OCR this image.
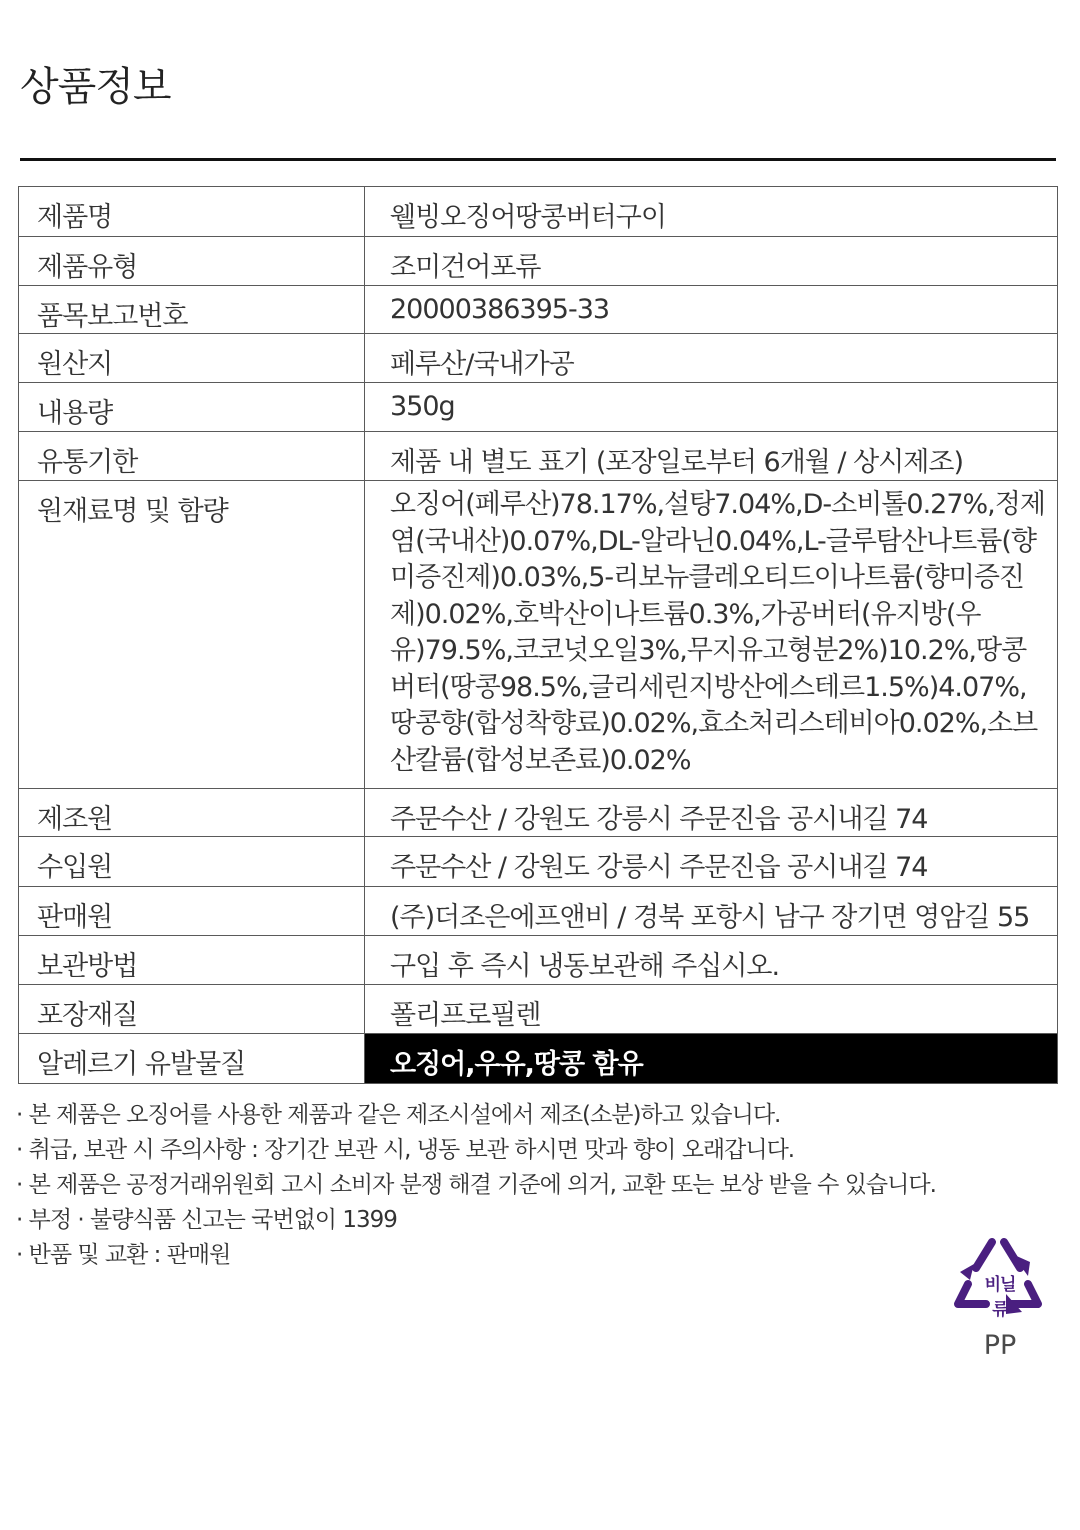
상품정보
제품명	웰빙오징어땅콩버터구이
제품유형	조미건어포류
품목보고번호	20000386395-33
원산지	페루산/국내가공
내용량	350g
유통기한	제품 내 별도 표기 (포장일로부터 6개월 / 상시제조)
원재료명 및 함량	오징어(페루산)78.17%,설탕7.04%,D-소비톨0.27%,정제염(국내산)0.07%,DL-알라닌0.04%,L-글루탐산나트륨(향미증진제)0.03%,5-리보뉴클레오티드이나트륨(향미증진제)0.02%,호박산이나트륨0.3%,가공버터(유지방(우유)79.5%,코코넛오일3%,무지유고형분2%)10.2%,땅콩버터(땅콩98.5%,글리세린지방산에스테르1.5%)4.07%,땅콩향(합성착향료)0.02%,효소처리스테비아0.02%,소브산칼륨(합성보존료)0.02%
제조원	주문수산 / 강원도 강릉시 주문진읍 공시내길 74
수입원	주문수산 / 강원도 강릉시 주문진읍 공시내길 74
판매원	(주)더조은에프앤비 / 경북 포항시 남구 장기면 영암길 55
보관방법	구입 후 즉시 냉동보관해 주십시오.
포장재질	폴리프로필렌
알레르기 유발물질	오징어,우유,땅콩 함유
· 본 제품은 오징어를 사용한 제품과 같은 제조시설에서 제조(소분)하고 있습니다.
· 취급, 보관 시 주의사항 : 장기간 보관 시, 냉동 보관 하시면 맛과 향이 오래갑니다.
· 본 제품은 공정거래위원회 고시 소비자 분쟁 해결 기준에 의거, 교환 또는 보상 받을 수 있습니다.
· 부정 · 불량식품 신고는 국번없이 1399
· 반품 및 교환 : 판매원
비닐류
PP
